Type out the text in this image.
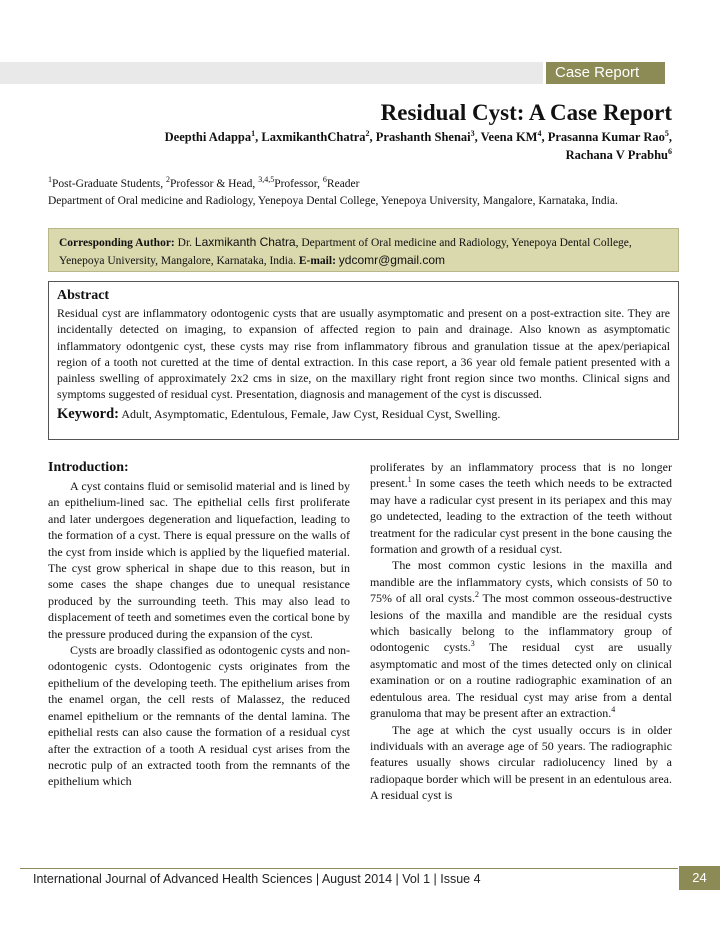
Case Report
Residual Cyst: A Case Report
Deepthi Adappa$^1$, LaxmikanthChatra$^2$, Prashanth Shenai$^3$, Veena $KM^4$, Prasanna Kumar Rao$^5$,
Rachana V Prabhu$^6$
$^1$Post-Graduate Students, $^2$Professor & Head, $^{3,4,5}$Professor, $^6$Reader
Department of Oral medicine and Radiology, Yenepoya Dental College, Yenepoya University, Mangalore, Karnataka, India.
Corresponding Author: Dr. Laxmikanth Chatra, Department of Oral medicine and Radiology, Yenepoya Dental College, Yenepoya University, Mangalore, Karnataka, India. E-mail: ydcomr@gmail.com
Abstract

Residual cyst are inflammatory odontogenic cysts that are usually asymptomatic and present on a post-extraction site. They are incidentally detected on imaging, to expansion of affected region to pain and drainage. Also known as asymptomatic inflammatory odontgenic cyst, these cysts may rise from inflammatory fibrous and granulation tissue at the apex/periapical region of a tooth not curetted at the time of dental extraction. In this case report, a 36 year old female patient presented with a painless swelling of approximately 2x2 cms in size, on the maxillary right front region since two months. Clinical signs and symptoms suggested of residual cyst. Presentation, diagnosis and management of the cyst is discussed.

Keyword: Adult, Asymptomatic, Edentulous, Female, Jaw Cyst, Residual Cyst, Swelling.
Introduction:

A cyst contains fluid or semisolid material and is lined by an epithelium-lined sac. The epithelial cells first proliferate and later undergoes degeneration and liquefaction, leading to the formation of a cyst. There is equal pressure on the walls of the cyst from inside which is applied by the liquefied material. The cyst grow spherical in shape due to this reason, but in some cases the shape changes due to unequal resistance produced by the surrounding teeth. This may also lead to displacement of teeth and sometimes even the cortical bone by the pressure produced during the expansion of the cyst.

Cysts are broadly classified as odontogenic cysts and non-odontogenic cysts. Odontogenic cysts originates from the epithelium of the developing teeth. The epithelium arises from the enamel organ, the cell rests of Malassez, the reduced enamel epithelium or the remnants of the dental lamina. The epithelial rests can also cause the formation of a residual cyst after the extraction of a tooth A residual cyst arises from the necrotic pulp of an extracted tooth from the remnants of the epithelium which

proliferates by an inflammatory process that is no longer present.$^1$ In some cases the teeth which needs to be extracted may have a radicular cyst present in its periapex and this may go undetected, leading to the extraction of the teeth without treatment for the radicular cyst present in the bone causing the formation and growth of a residual cyst.

The most common cystic lesions in the maxilla and mandible are the inflammatory cysts, which consists of 50 to 75% of all oral cysts.$^2$ The most common osseous-destructive lesions of the maxilla and mandible are the residual cysts which basically belong to the inflammatory group of odontogenic cysts.$^3$ The residual cyst are usually asymptomatic and most of the times detected only on clinical examination or on a routine radiographic examination of an edentulous area. The residual cyst may arise from a dental granuloma that may be present after an extraction.$^4$

The age at which the cyst usually occurs is in older individuals with an average age of 50 years. The radiographic features usually shows circular radiolucency lined by a radiopaque border which will be present in an edentulous area. A residual cyst is

International Journal of Advanced Health Sciences | August 2014 | Vol 1 | Issue 4	24
